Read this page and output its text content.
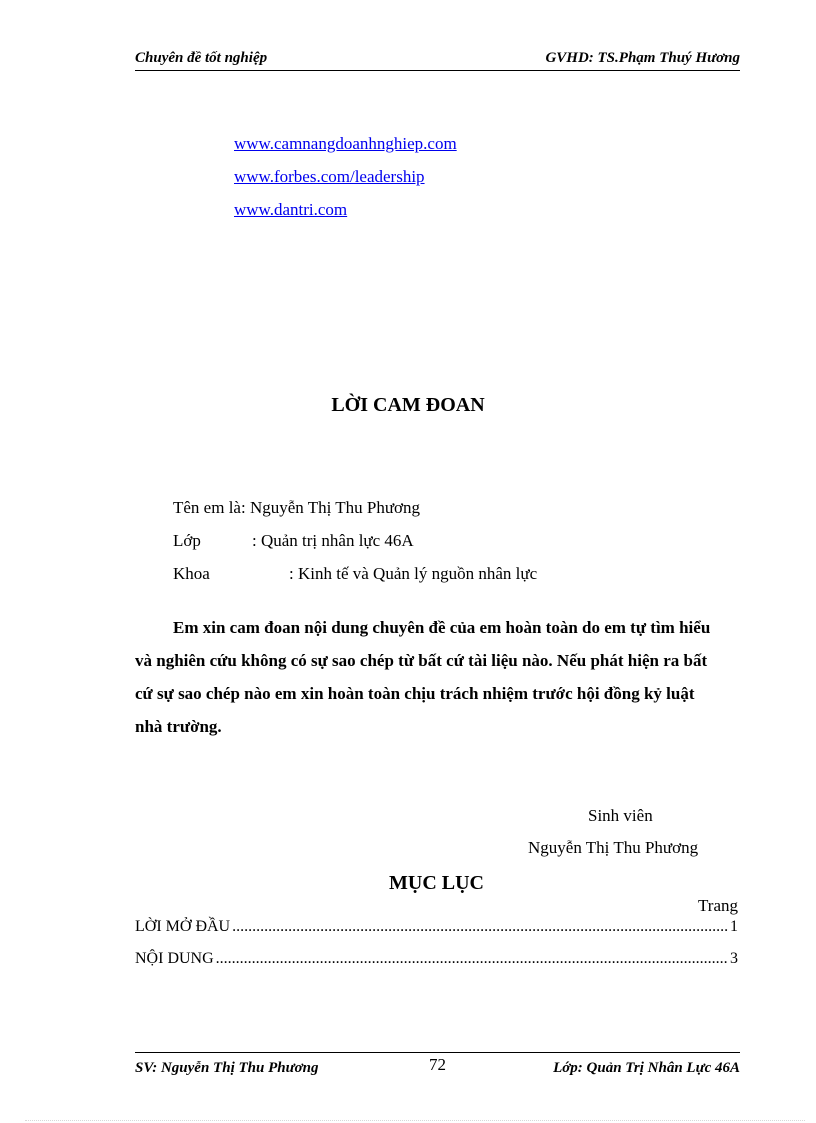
Chuyên đề tốt nghiệp	GVHD: TS.Phạm Thuý Hương
www.camnangdoanhnghiep.com
www.forbes.com/leadership
www.dantri.com
LỜI CAM ĐOAN
Tên em là: Nguyễn Thị Thu Phương
Lớp	: Quản trị nhân lực 46A
Khoa	: Kinh tế và Quản lý nguồn nhân lực
Em xin cam đoan nội dung chuyên đề của em hoàn toàn do em tự tìm hiểu và nghiên cứu không có sự sao chép từ bất cứ tài liệu nào. Nếu phát hiện ra bất cứ sự sao chép nào em xin hoàn toàn chịu trách nhiệm trước hội đồng kỷ luật nhà trường.
Sinh viên
Nguyễn Thị Thu Phương
MỤC LỤC
Trang
LỜI MỞ ĐẦU .....	1
NỘI DUNG .....	3
SV: Nguyễn Thị Thu Phương	72	Lớp: Quản Trị Nhân Lực 46A
